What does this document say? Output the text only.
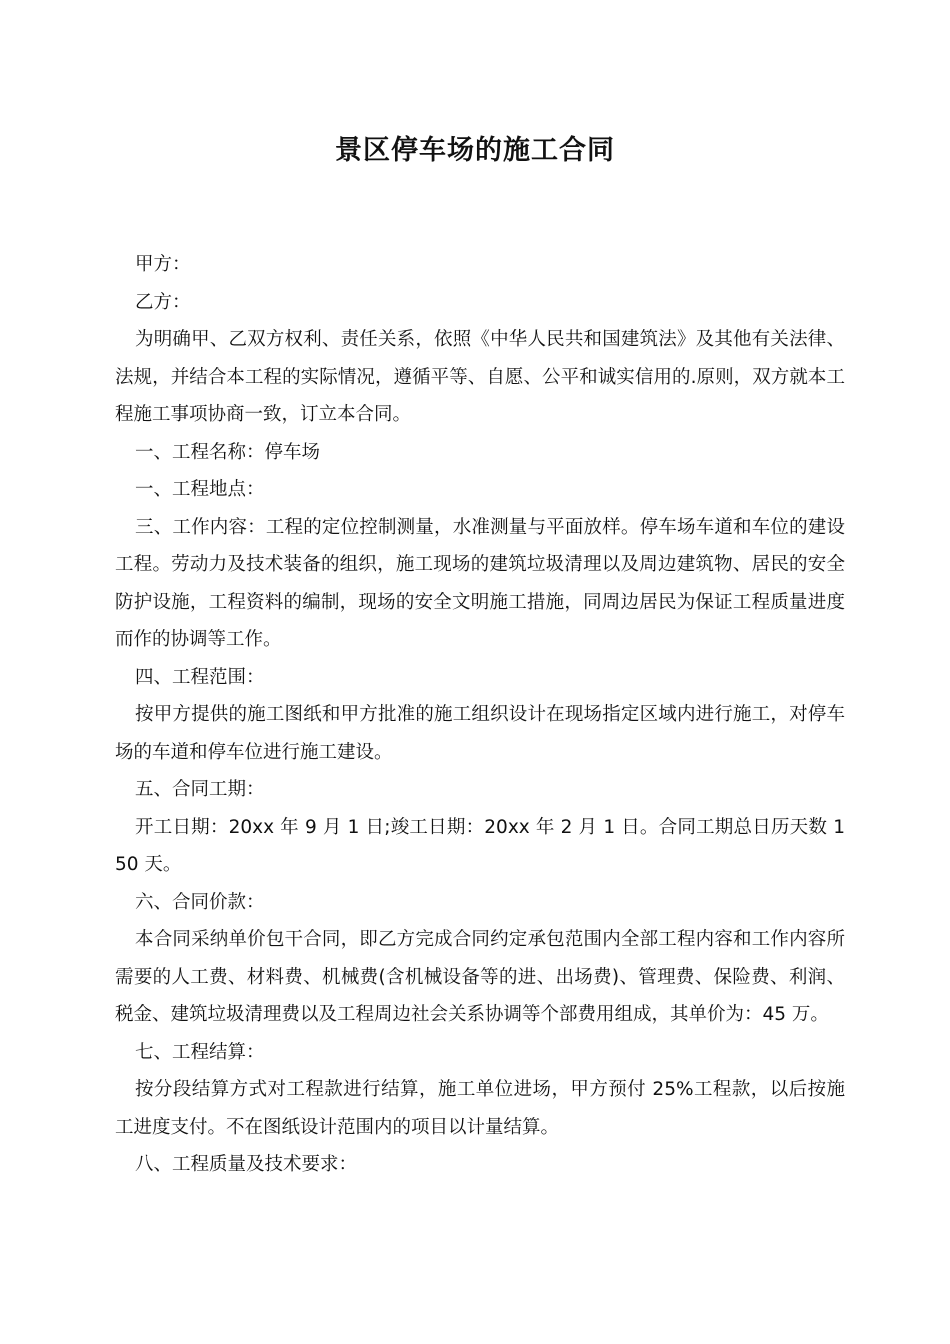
景区停车场的施工合同

甲方：

乙方：

为明确甲、乙双方权利、责任关系，依照《中华人民共和国建筑法》及其他有关法律、法规，并结合本工程的实际情况，遵循平等、自愿、公平和诚实信用的.原则，双方就本工程施工事项协商一致，订立本合同。

一、工程名称：停车场

一、工程地点：

三、工作内容：工程的定位控制测量，水准测量与平面放样。停车场车道和车位的建设工程。劳动力及技术装备的组织，施工现场的建筑垃圾清理以及周边建筑物、居民的安全防护设施，工程资料的编制，现场的安全文明施工措施，同周边居民为保证工程质量进度而作的协调等工作。

四、工程范围：

按甲方提供的施工图纸和甲方批准的施工组织设计在现场指定区域内进行施工，对停车场的车道和停车位进行施工建设。

五、合同工期：

开工日期：20xx 年 9 月 1 日;竣工日期：20xx 年 2 月 1 日。合同工期总日历天数 150 天。

六、合同价款：

本合同采纳单价包干合同，即乙方完成合同约定承包范围内全部工程内容和工作内容所需要的人工费、材料费、机械费(含机械设备等的进、出场费)、管理费、保险费、利润、税金、建筑垃圾清理费以及工程周边社会关系协调等个部费用组成，其单价为：45 万。

七、工程结算：

按分段结算方式对工程款进行结算，施工单位进场，甲方预付 25%工程款，以后按施工进度支付。不在图纸设计范围内的项目以计量结算。

八、工程质量及技术要求：
